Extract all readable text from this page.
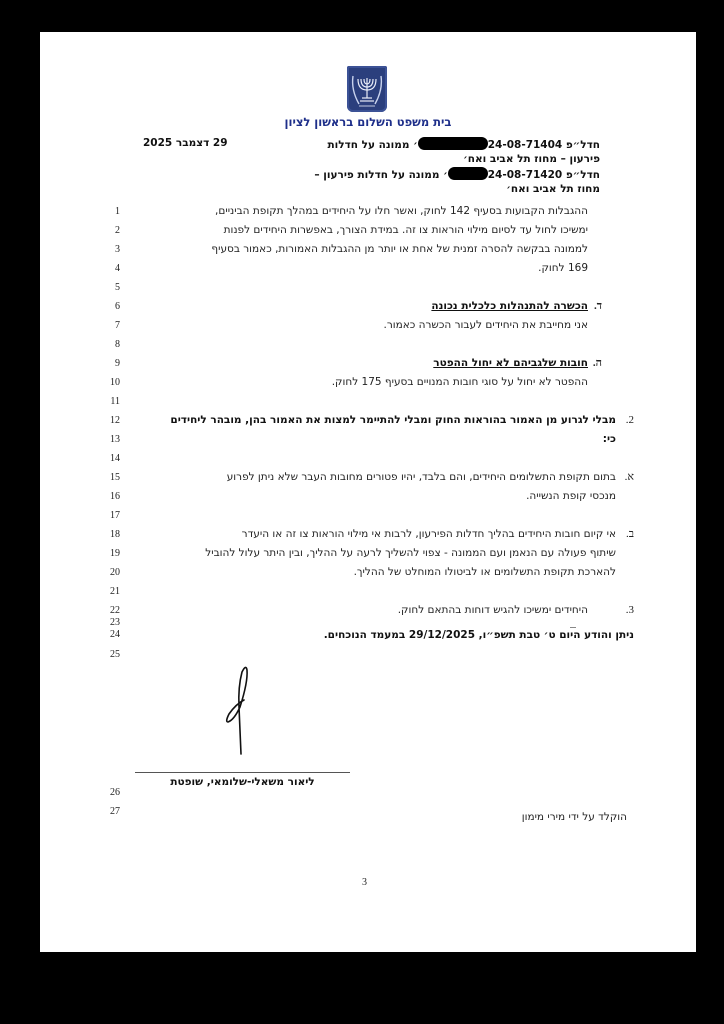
בית משפט השלום בראשון לציון
29 דצמבר 2025	חדל״פ 24-08-71404׳ ממונה על חדלות
פירעון – מחוז תל אביב ואח׳
חדל״פ 24-08-71420׳ ממונה על חדלות פירעון –
מחוז תל אביב ואח׳
1
2
3
4
5
6
7
8
9
10
11
12
13
14
15
16
17
18
19
20
21
22
23
24
25
26
27
ההגבלות הקבועות בסעיף 142 לחוק, ואשר חלו על היחידים במהלך תקופת הביניים,
ימשיכו לחול עד לסיום מילוי הוראות צו זה. במידת הצורך, באפשרות היחידים לפנות
לממונה בבקשה להסרה זמנית של אחת או יותר מן ההגבלות האמורות, כאמור בסעיף
169 לחוק.
ד.
הכשרה להתנהלות כלכלית נכונה
אני מחייבת את היחידים לעבור הכשרה כאמור.
ה.
חובות שלגביהם לא יחול ההפטר
ההפטר לא יחול על סוגי חובות המנויים בסעיף 175 לחוק.
2.
מבלי לגרוע מן האמור בהוראות החוק ומבלי להתיימר למצות את האמור בהן, מובהר ליחידים
כי:
א.
בתום תקופת התשלומים היחידים, והם בלבד, יהיו פטורים מחובות העבר שלא ניתן לפרוע
מנכסי קופת הנשייה.
ב.
אי קיום חובות היחידים בהליך חדלות הפירעון, לרבות אי מילוי הוראות צו זה או היעדר
שיתוף פעולה עם הנאמן ועם הממונה - צפוי להשליך לרעה על ההליך, ובין היתר עלול להוביל
להארכת תקופת התשלומים או לביטולו המוחלט של ההליך.
3.
היחידים ימשיכו להגיש דוחות בהתאם לחוק.
ניתן והודע היום ט׳ טבת תשפ״ו, 29/12/2025 במעמד הנוכחים.
ליאור משאלי-שלומאי, שופטת
הוקלד על ידי מירי מימון
3
